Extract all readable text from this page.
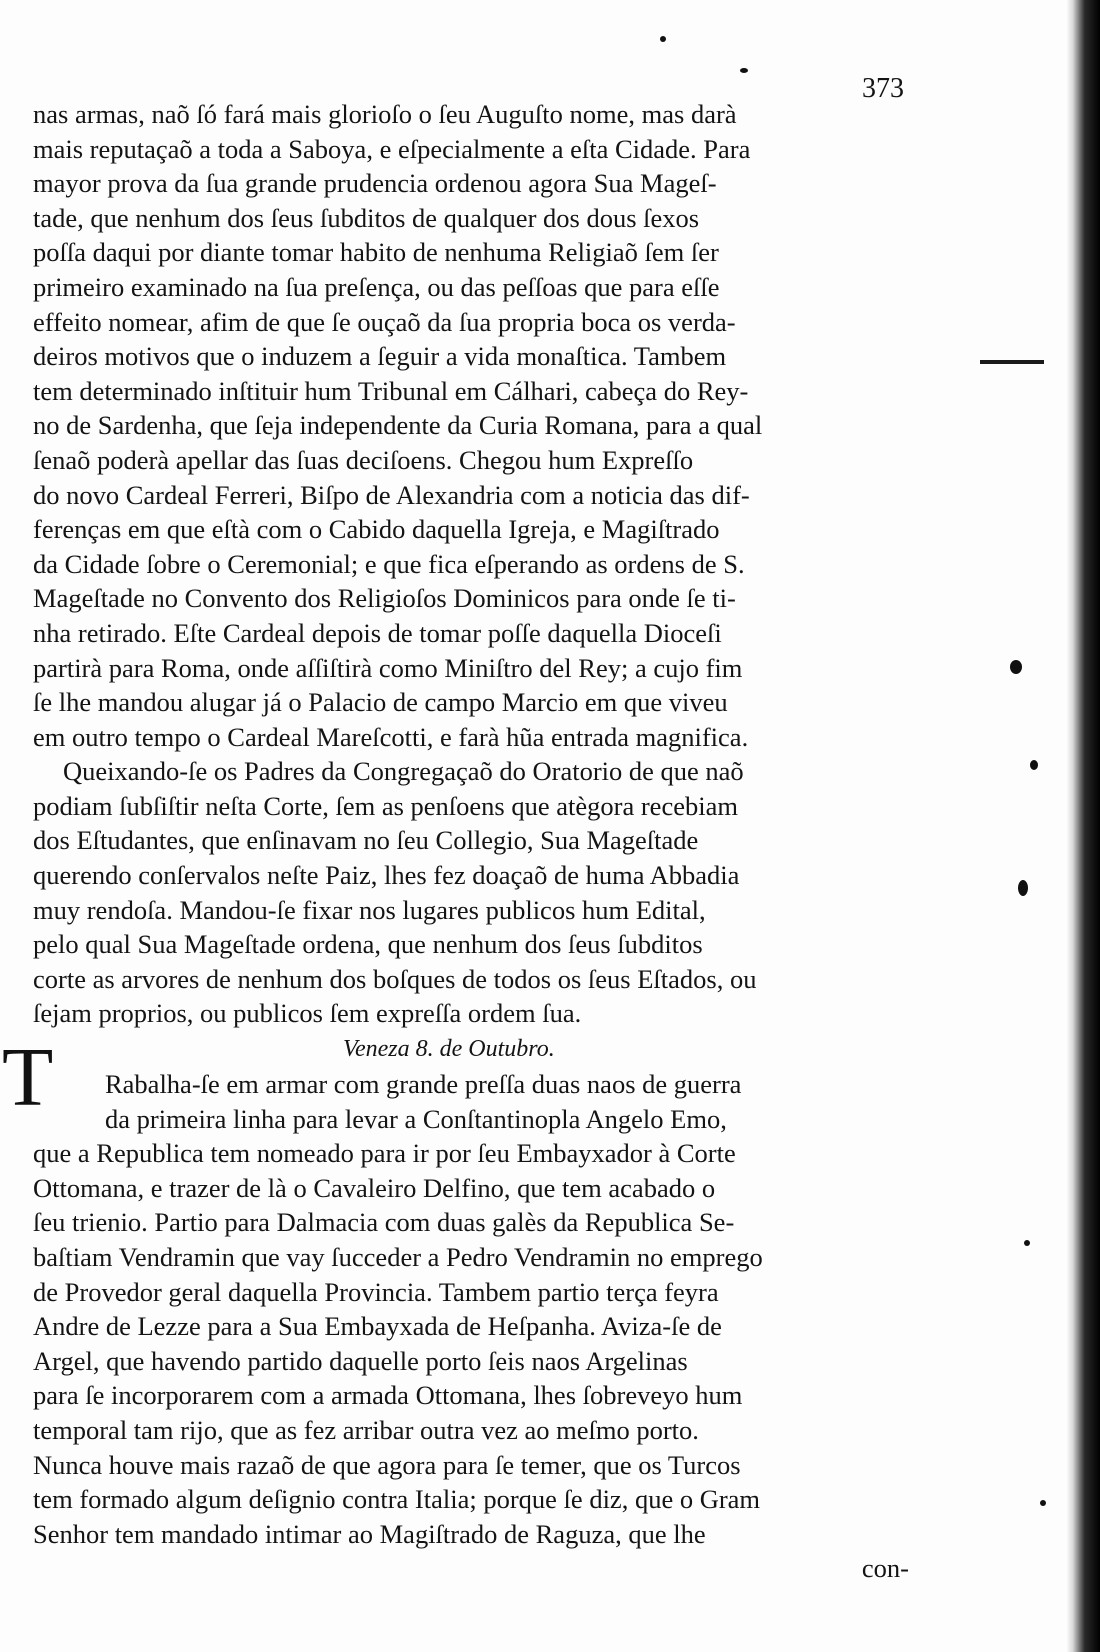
373
T
nas armas, naõ ſó fará mais glorioſo o ſeu Auguſto nome, mas darà
mais reputaçaõ a toda a Saboya, e eſpecialmente a eſta Cidade. Para
mayor prova da ſua grande prudencia ordenou agora Sua Mageſ-
tade, que nenhum dos ſeus ſubditos de qualquer dos dous ſexos
poſſa daqui por diante tomar habito de nenhuma Religiaõ ſem ſer
primeiro examinado na ſua preſença, ou das peſſoas que para eſſe
effeito nomear, afim de que ſe ouçaõ da ſua propria boca os verda-
deiros motivos que o induzem a ſeguir a vida monaſtica. Tambem
tem determinado inſtituir hum Tribunal em Cálhari, cabeça do Rey-
no de Sardenha, que ſeja independente da Curia Romana, para a qual
ſenaõ poderà apellar das ſuas deciſoens. Chegou hum Expreſſo
do novo Cardeal Ferreri, Biſpo de Alexandria com a noticia das dif-
ferenças em que eſtà com o Cabido daquella Igreja, e Magiſtrado
da Cidade ſobre o Ceremonial; e que fica eſperando as ordens de S.
Mageſtade no Convento dos Religioſos Dominicos para onde ſe ti-
nha retirado. Eſte Cardeal depois de tomar poſſe daquella Dioceſi
partirà para Roma, onde aſſiſtirà como Miniſtro del Rey; a cujo fim
ſe lhe mandou alugar já o Palacio de campo Marcio em que viveu
em outro tempo o Cardeal Mareſcotti, e farà hũa entrada magnifica.
Queixando-ſe os Padres da Congregaçaõ do Oratorio de que naõ
podiam ſubſiſtir neſta Corte, ſem as penſoens que atègora recebiam
dos Eſtudantes, que enſinavam no ſeu Collegio, Sua Mageſtade
querendo conſervalos neſte Paiz, lhes fez doaçaõ de huma Abbadia
muy rendoſa. Mandou-ſe fixar nos lugares publicos hum Edital,
pelo qual Sua Mageſtade ordena, que nenhum dos ſeus ſubditos
corte as arvores de nenhum dos boſques de todos os ſeus Eſtados, ou
ſejam proprios, ou publicos ſem expreſſa ordem ſua.
Veneza 8. de Outubro.
Rabalha-ſe em armar com grande preſſa duas naos de guerra
da primeira linha para levar a Conſtantinopla Angelo Emo,
que a Republica tem nomeado para ir por ſeu Embayxador à Corte
Ottomana, e trazer de là o Cavaleiro Delfino, que tem acabado o
ſeu trienio. Partio para Dalmacia com duas galès da Republica Se-
baſtiam Vendramin que vay ſucceder a Pedro Vendramin no emprego
de Provedor geral daquella Provincia. Tambem partio terça feyra
Andre de Lezze para a Sua Embayxada de Heſpanha. Aviza-ſe de
Argel, que havendo partido daquelle porto ſeis naos Argelinas
para ſe incorporarem com a armada Ottomana, lhes ſobreveyo hum
temporal tam rijo, que as fez arribar outra vez ao meſmo porto.
Nunca houve mais razaõ de que agora para ſe temer, que os Turcos
tem formado algum deſignio contra Italia; porque ſe diz, que o Gram
Senhor tem mandado intimar ao Magiſtrado de Raguza, que lhe
con-
